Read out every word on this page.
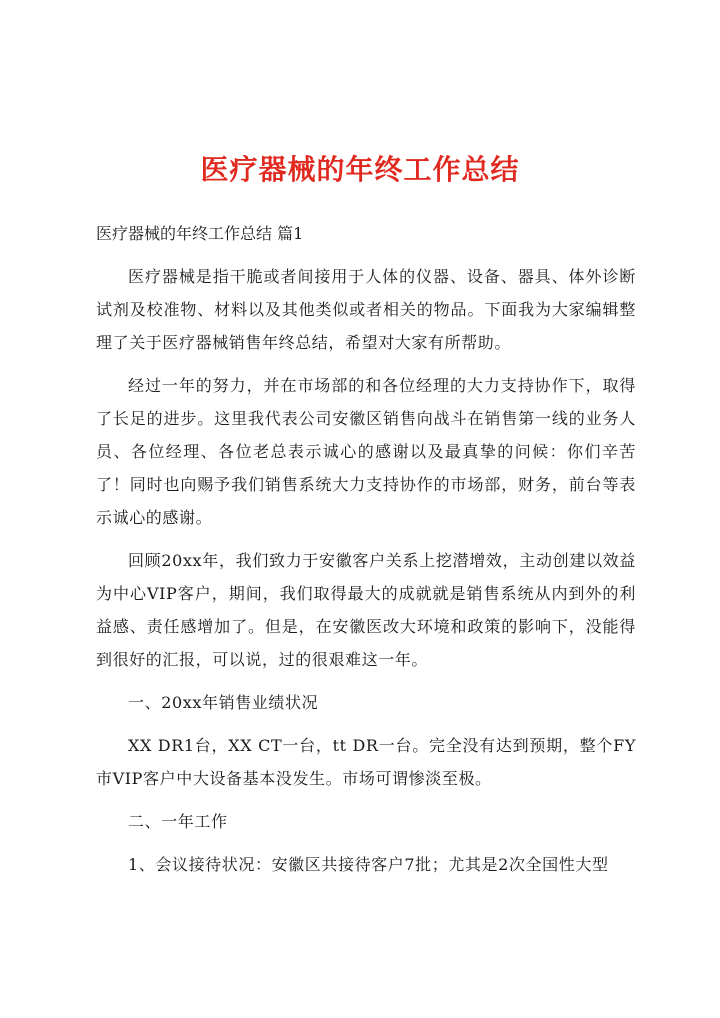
医疗器械的年终工作总结
医疗器械的年终工作总结 篇1

医疗器械是指干脆或者间接用于人体的仪器、设备、器具、体外诊断试剂及校准物、材料以及其他类似或者相关的物品。下面我为大家编辑整理了关于医疗器械销售年终总结，希望对大家有所帮助。

经过一年的努力，并在市场部的和各位经理的大力支持协作下，取得了长足的进步。这里我代表公司安徽区销售向战斗在销售第一线的业务人员、各位经理、各位老总表示诚心的感谢以及最真挚的问候：你们辛苦了！同时也向赐予我们销售系统大力支持协作的市场部，财务，前台等表示诚心的感谢。

回顾20xx年，我们致力于安徽客户关系上挖潜增效，主动创建以效益为中心VIP客户，期间，我们取得最大的成就就是销售系统从内到外的利益感、责任感增加了。但是，在安徽医改大环境和政策的影响下，没能得到很好的汇报，可以说，过的很艰难这一年。

一、20xx年销售业绩状况

XX DR1台，XX CT一台，tt DR一台。完全没有达到预期，整个FY市VIP客户中大设备基本没发生。市场可谓惨淡至极。

二、一年工作

1、会议接待状况：安徽区共接待客户7批；尤其是2次全国性大型
